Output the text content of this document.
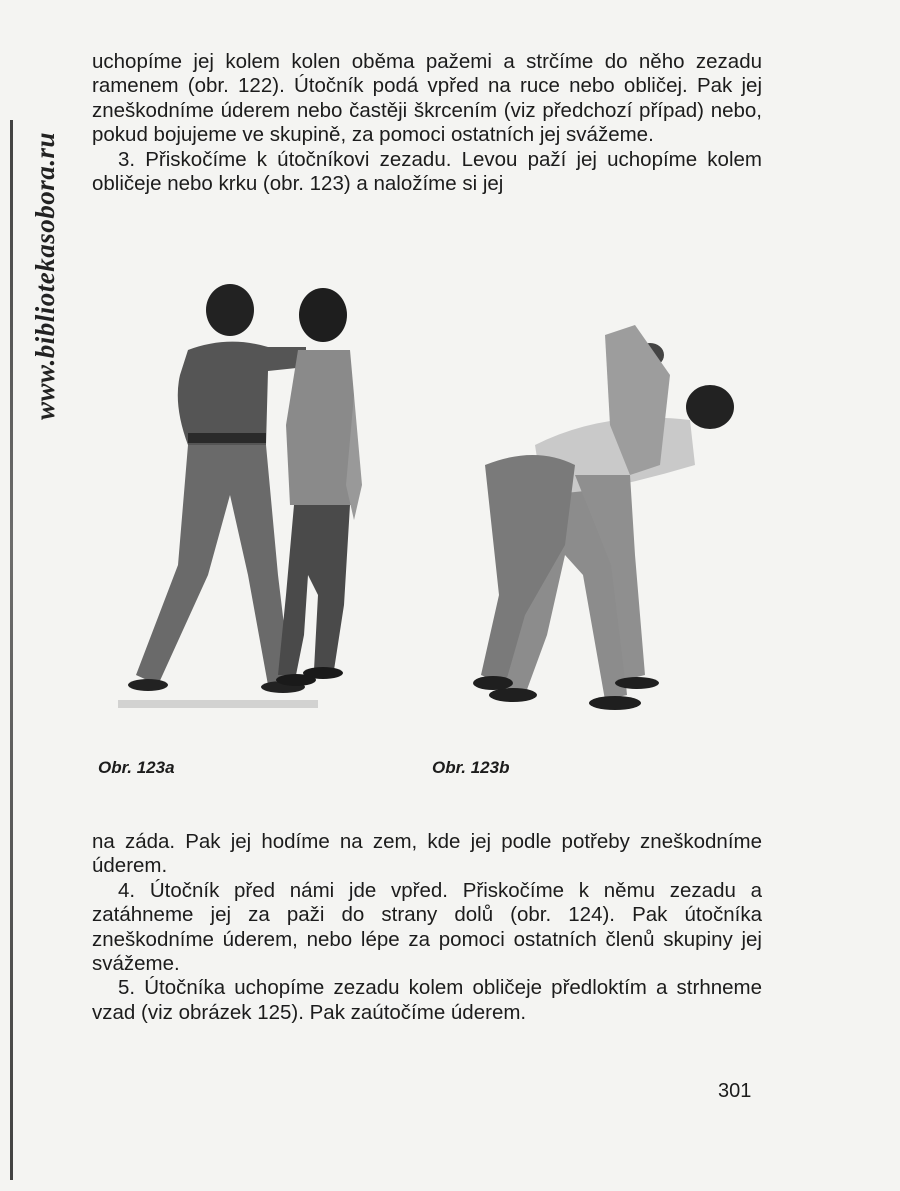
www.bibliotekasobora.ru

uchopíme jej kolem kolen oběma pažemi a strčíme do něho zezadu ramenem (obr. 122). Útočník podá vpřed na ruce nebo obličej. Pak jej zneškodníme úderem nebo častěji škrcením (viz předchozí případ) nebo, pokud bojujeme ve skupině, za pomoci ostatních jej svážeme.

3. Přiskočíme k útočníkovi zezadu. Levou paží jej uchopíme kolem obličeje nebo krku (obr. 123) a naložíme si jej

Obr. 123a	Obr. 123b

na záda. Pak jej hodíme na zem, kde jej podle potřeby zneškodníme úderem.

4. Útočník před námi jde vpřed. Přiskočíme k němu zezadu a zatáhneme jej za paži do strany dolů (obr. 124). Pak útočníka zneškodníme úderem, nebo lépe za pomoci ostatních členů skupiny jej svážeme.

5. Útočníka uchopíme zezadu kolem obličeje předloktím a strhneme vzad (viz obrázek 125). Pak zaútočíme úderem.

301
